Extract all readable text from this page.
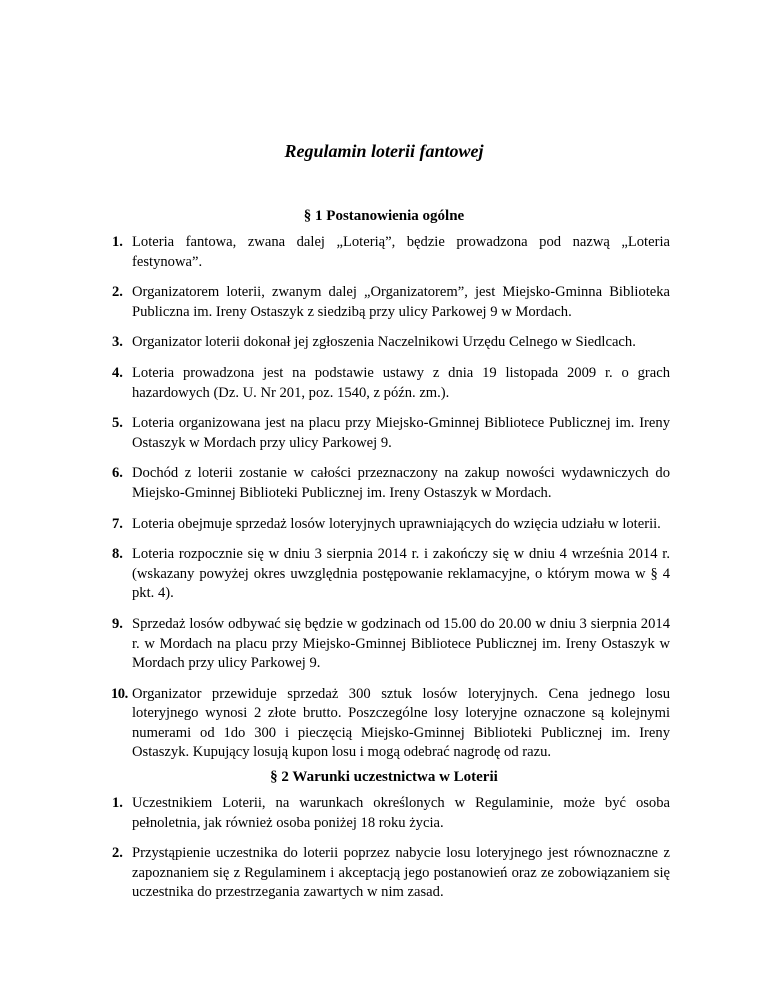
Regulamin loterii fantowej
§ 1 Postanowienia ogólne
1. Loteria fantowa, zwana dalej „Loterią”, będzie prowadzona pod nazwą „Loteria festynowa”.
2. Organizatorem loterii, zwanym dalej „Organizatorem”, jest Miejsko-Gminna Biblioteka Publiczna im. Ireny Ostaszyk z siedzibą przy ulicy Parkowej 9 w Mordach.
3. Organizator loterii dokonał jej zgłoszenia Naczelnikowi Urzędu Celnego w Siedlcach.
4. Loteria prowadzona jest na podstawie ustawy z dnia 19 listopada 2009 r. o grach hazardowych (Dz. U. Nr 201, poz. 1540, z późn. zm.).
5. Loteria organizowana jest na placu przy Miejsko-Gminnej Bibliotece Publicznej im. Ireny Ostaszyk w Mordach przy ulicy Parkowej 9.
6. Dochód z loterii zostanie w całości przeznaczony na zakup nowości wydawniczych do Miejsko-Gminnej Biblioteki Publicznej im. Ireny Ostaszyk w Mordach.
7. Loteria obejmuje sprzedaż losów loteryjnych uprawniających do wzięcia udziału w loterii.
8. Loteria rozpocznie się w dniu 3 sierpnia 2014 r. i zakończy się w dniu 4 września 2014 r. (wskazany powyżej okres uwzględnia postępowanie reklamacyjne, o którym mowa w § 4 pkt. 4).
9. Sprzedaż losów odbywać się będzie w godzinach od 15.00 do 20.00 w dniu 3 sierpnia 2014 r. w Mordach na placu przy Miejsko-Gminnej Bibliotece Publicznej im. Ireny Ostaszyk w Mordach przy ulicy Parkowej 9.
10. Organizator przewiduje sprzedaż 300 sztuk losów loteryjnych. Cena jednego losu loteryjnego wynosi 2 złote brutto. Poszczególne losy loteryjne oznaczone są kolejnymi numerami od 1do 300 i pieczęcią Miejsko-Gminnej Biblioteki Publicznej im. Ireny Ostaszyk. Kupujący losują kupon losu i mogą odebrać nagrodę od razu.
§ 2 Warunki uczestnictwa w Loterii
1. Uczestnikiem Loterii, na warunkach określonych w Regulaminie, może być osoba pełnoletnia, jak również osoba poniżej 18 roku życia.
2. Przystąpienie uczestnika do loterii poprzez nabycie losu loteryjnego jest równoznaczne z zapoznaniem się z Regulaminem i akceptacją jego postanowień oraz ze zobowiązaniem się uczestnika do przestrzegania zawartych w nim zasad.
